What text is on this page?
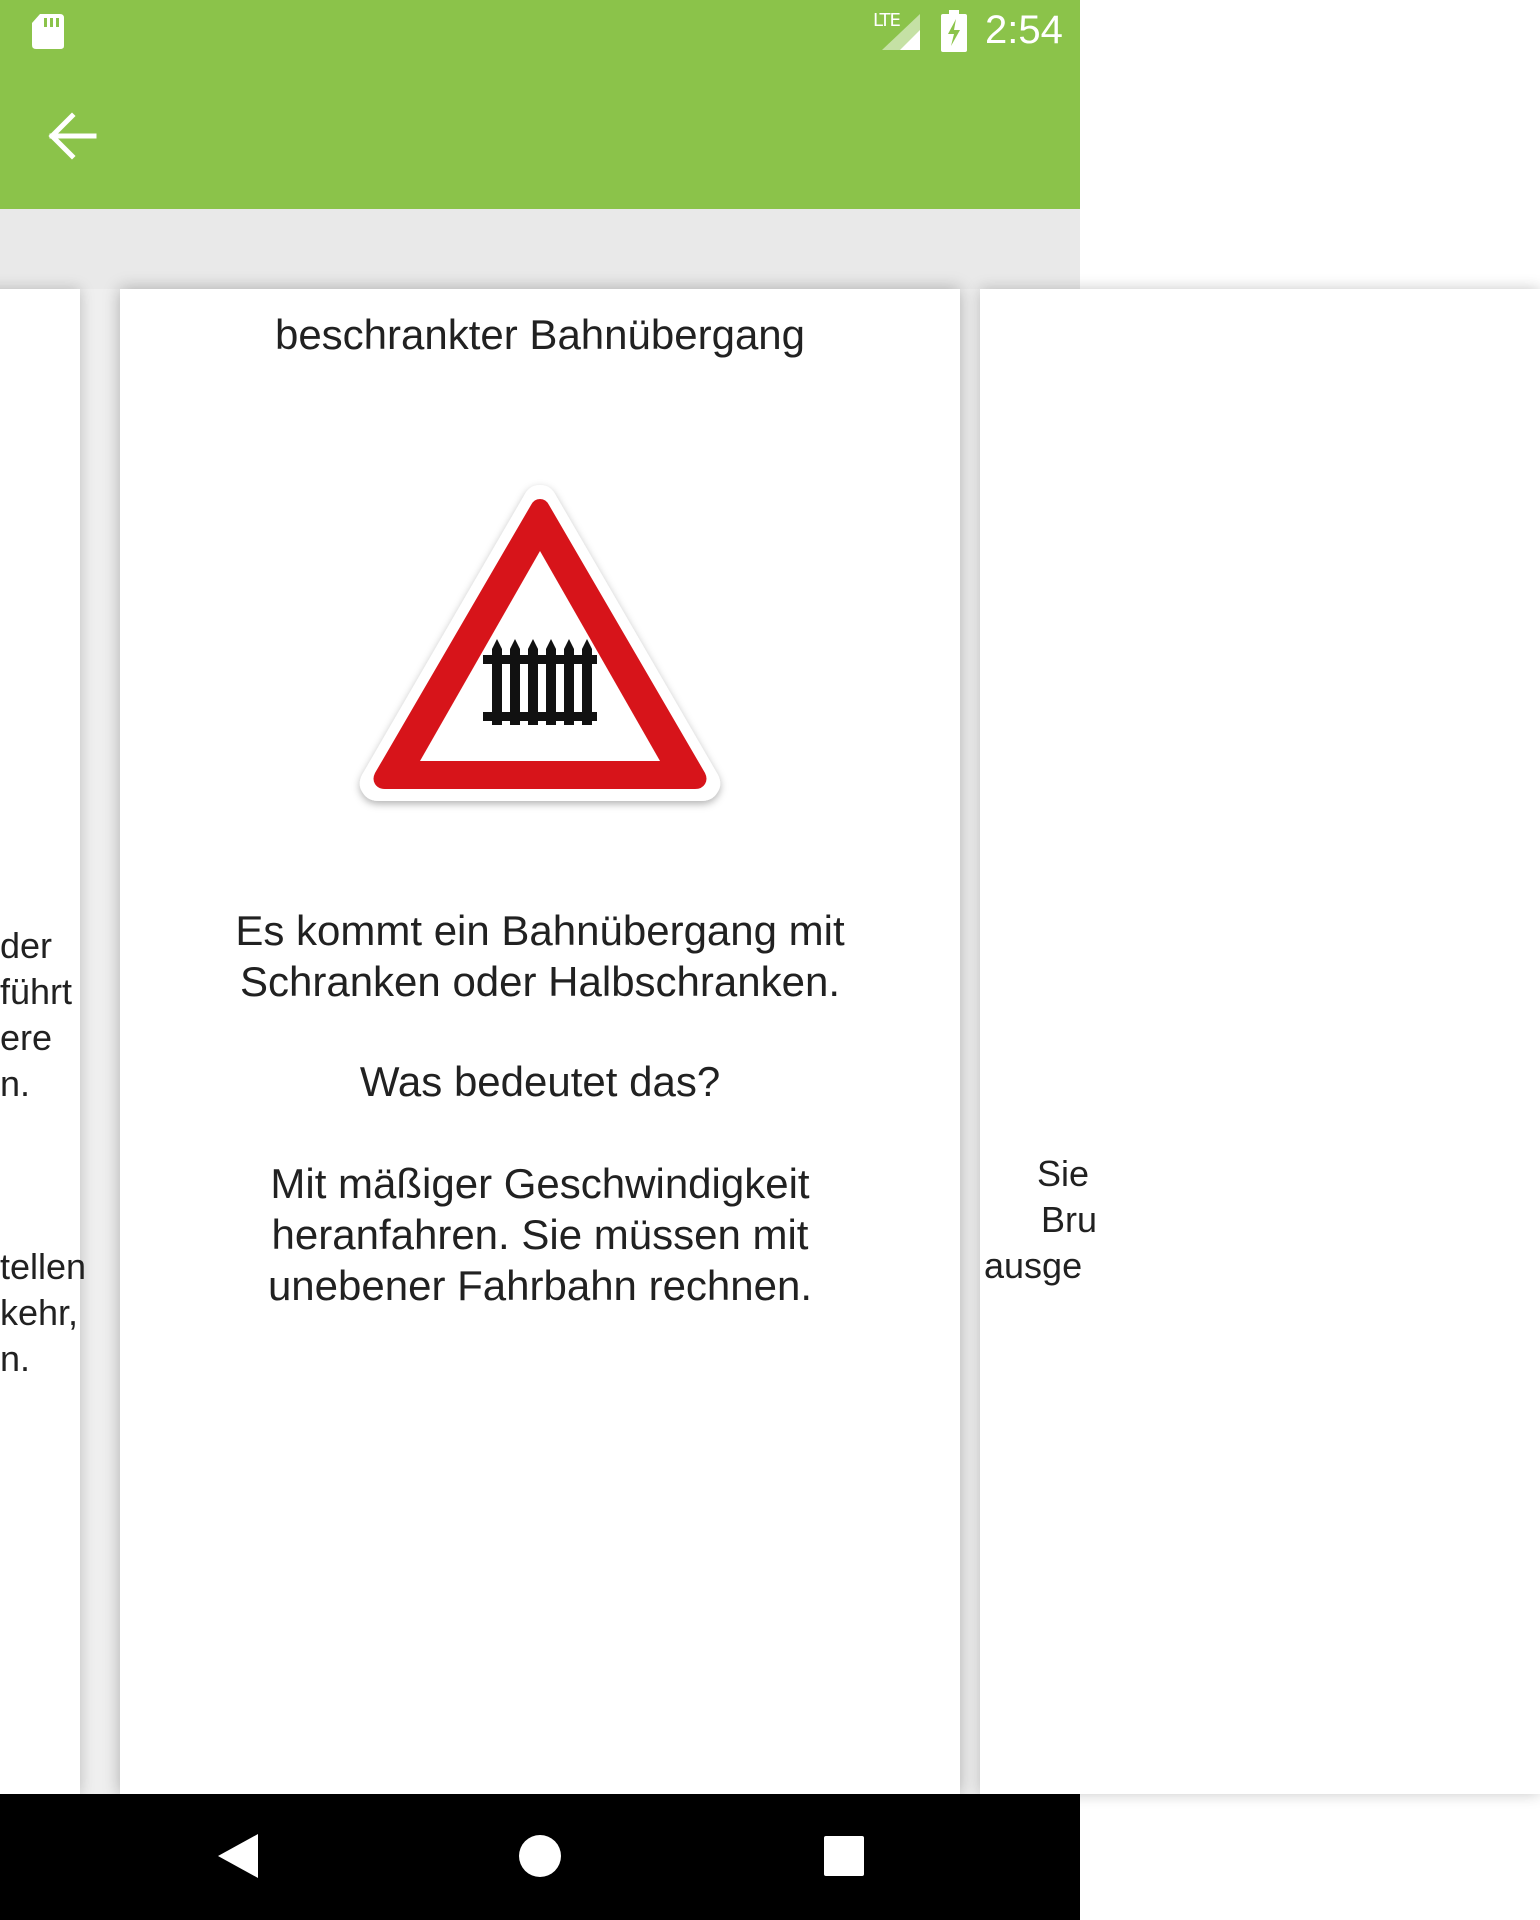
LTE 2:54
der
führt
ere
n.
tellen
kehr,
n.
beschrankter Bahnübergang
Es kommt ein Bahnübergang mit
Schranken oder Halbschranken.
Was bedeutet das?
Mit mäßiger Geschwindigkeit
heranfahren. Sie müssen mit
unebener Fahrbahn rechnen.
Sie
Bru
ausge
